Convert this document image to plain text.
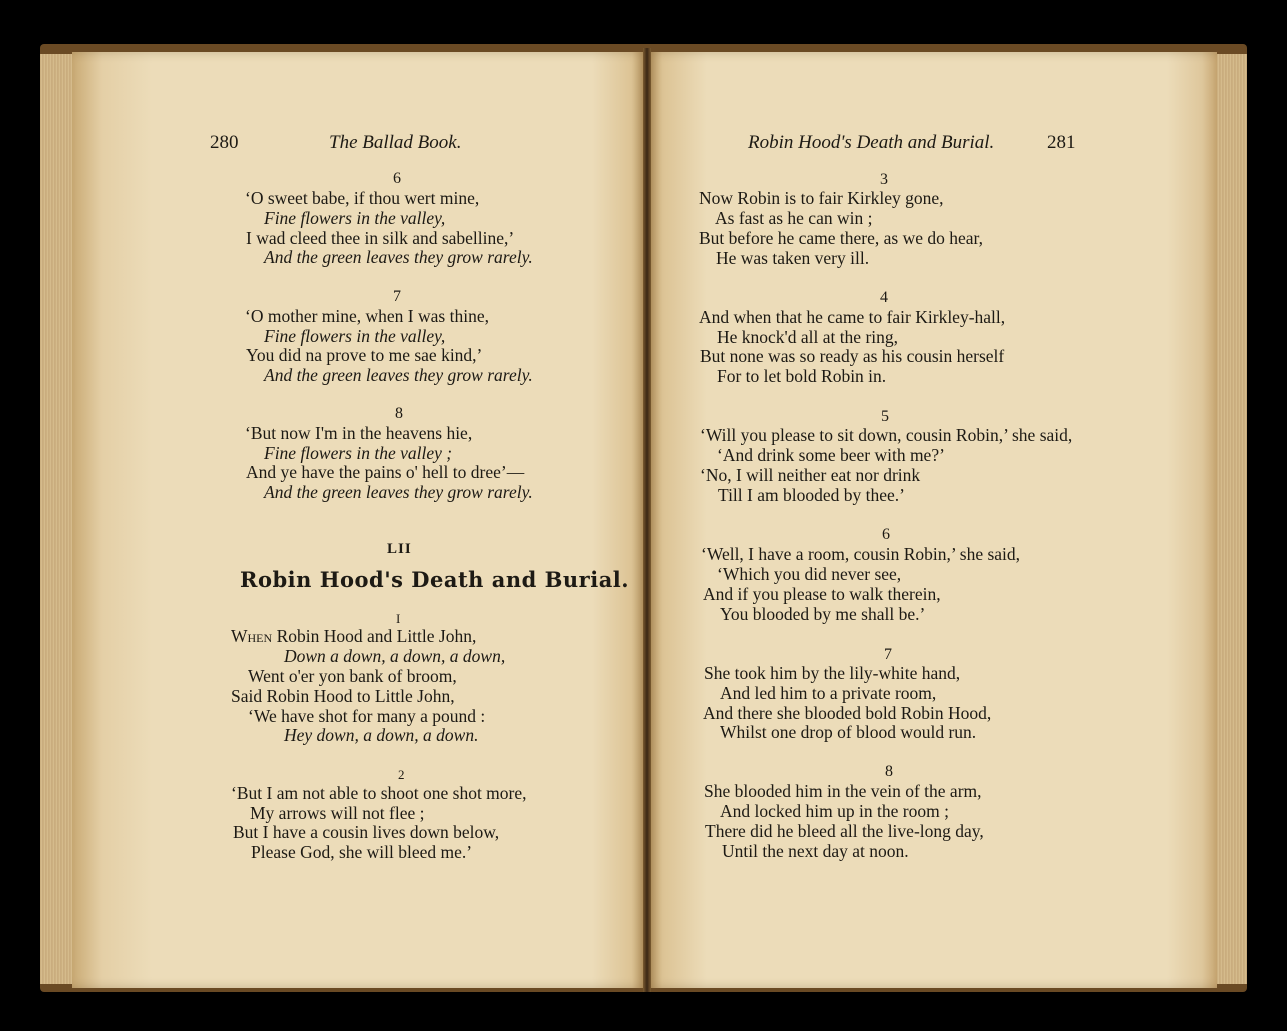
280	The Ballad Book.
6
‘O sweet babe, if thou wert mine,
Fine flowers in the valley,
I wad cleed thee in silk and sabelline,’
And the green leaves they grow rarely.
7
‘O mother mine, when I was thine,
Fine flowers in the valley,
You did na prove to me sae kind,’
And the green leaves they grow rarely.
8
‘But now I'm in the heavens hie,
Fine flowers in the valley ;
And ye have the pains o' hell to dree’—
And the green leaves they grow rarely.
LII
Robin Hood's Death and Burial.
I
When Robin Hood and Little John,
Down a down, a down, a down,
Went o'er yon bank of broom,
Said Robin Hood to Little John,
‘We have shot for many a pound :
Hey down, a down, a down.
2
‘But I am not able to shoot one shot more,
My arrows will not flee ;
But I have a cousin lives down below,
Please God, she will bleed me.’
Robin Hood's Death and Burial.	281
3
Now Robin is to fair Kirkley gone,
As fast as he can win ;
But before he came there, as we do hear,
He was taken very ill.
4
And when that he came to fair Kirkley-hall,
He knock'd all at the ring,
But none was so ready as his cousin herself
For to let bold Robin in.
5
‘Will you please to sit down, cousin Robin,’ she said,
‘And drink some beer with me?’
‘No, I will neither eat nor drink
Till I am blooded by thee.’
6
‘Well, I have a room, cousin Robin,’ she said,
‘Which you did never see,
And if you please to walk therein,
You blooded by me shall be.’
7
She took him by the lily-white hand,
And led him to a private room,
And there she blooded bold Robin Hood,
Whilst one drop of blood would run.
8
She blooded him in the vein of the arm,
And locked him up in the room ;
There did he bleed all the live-long day,
Until the next day at noon.
